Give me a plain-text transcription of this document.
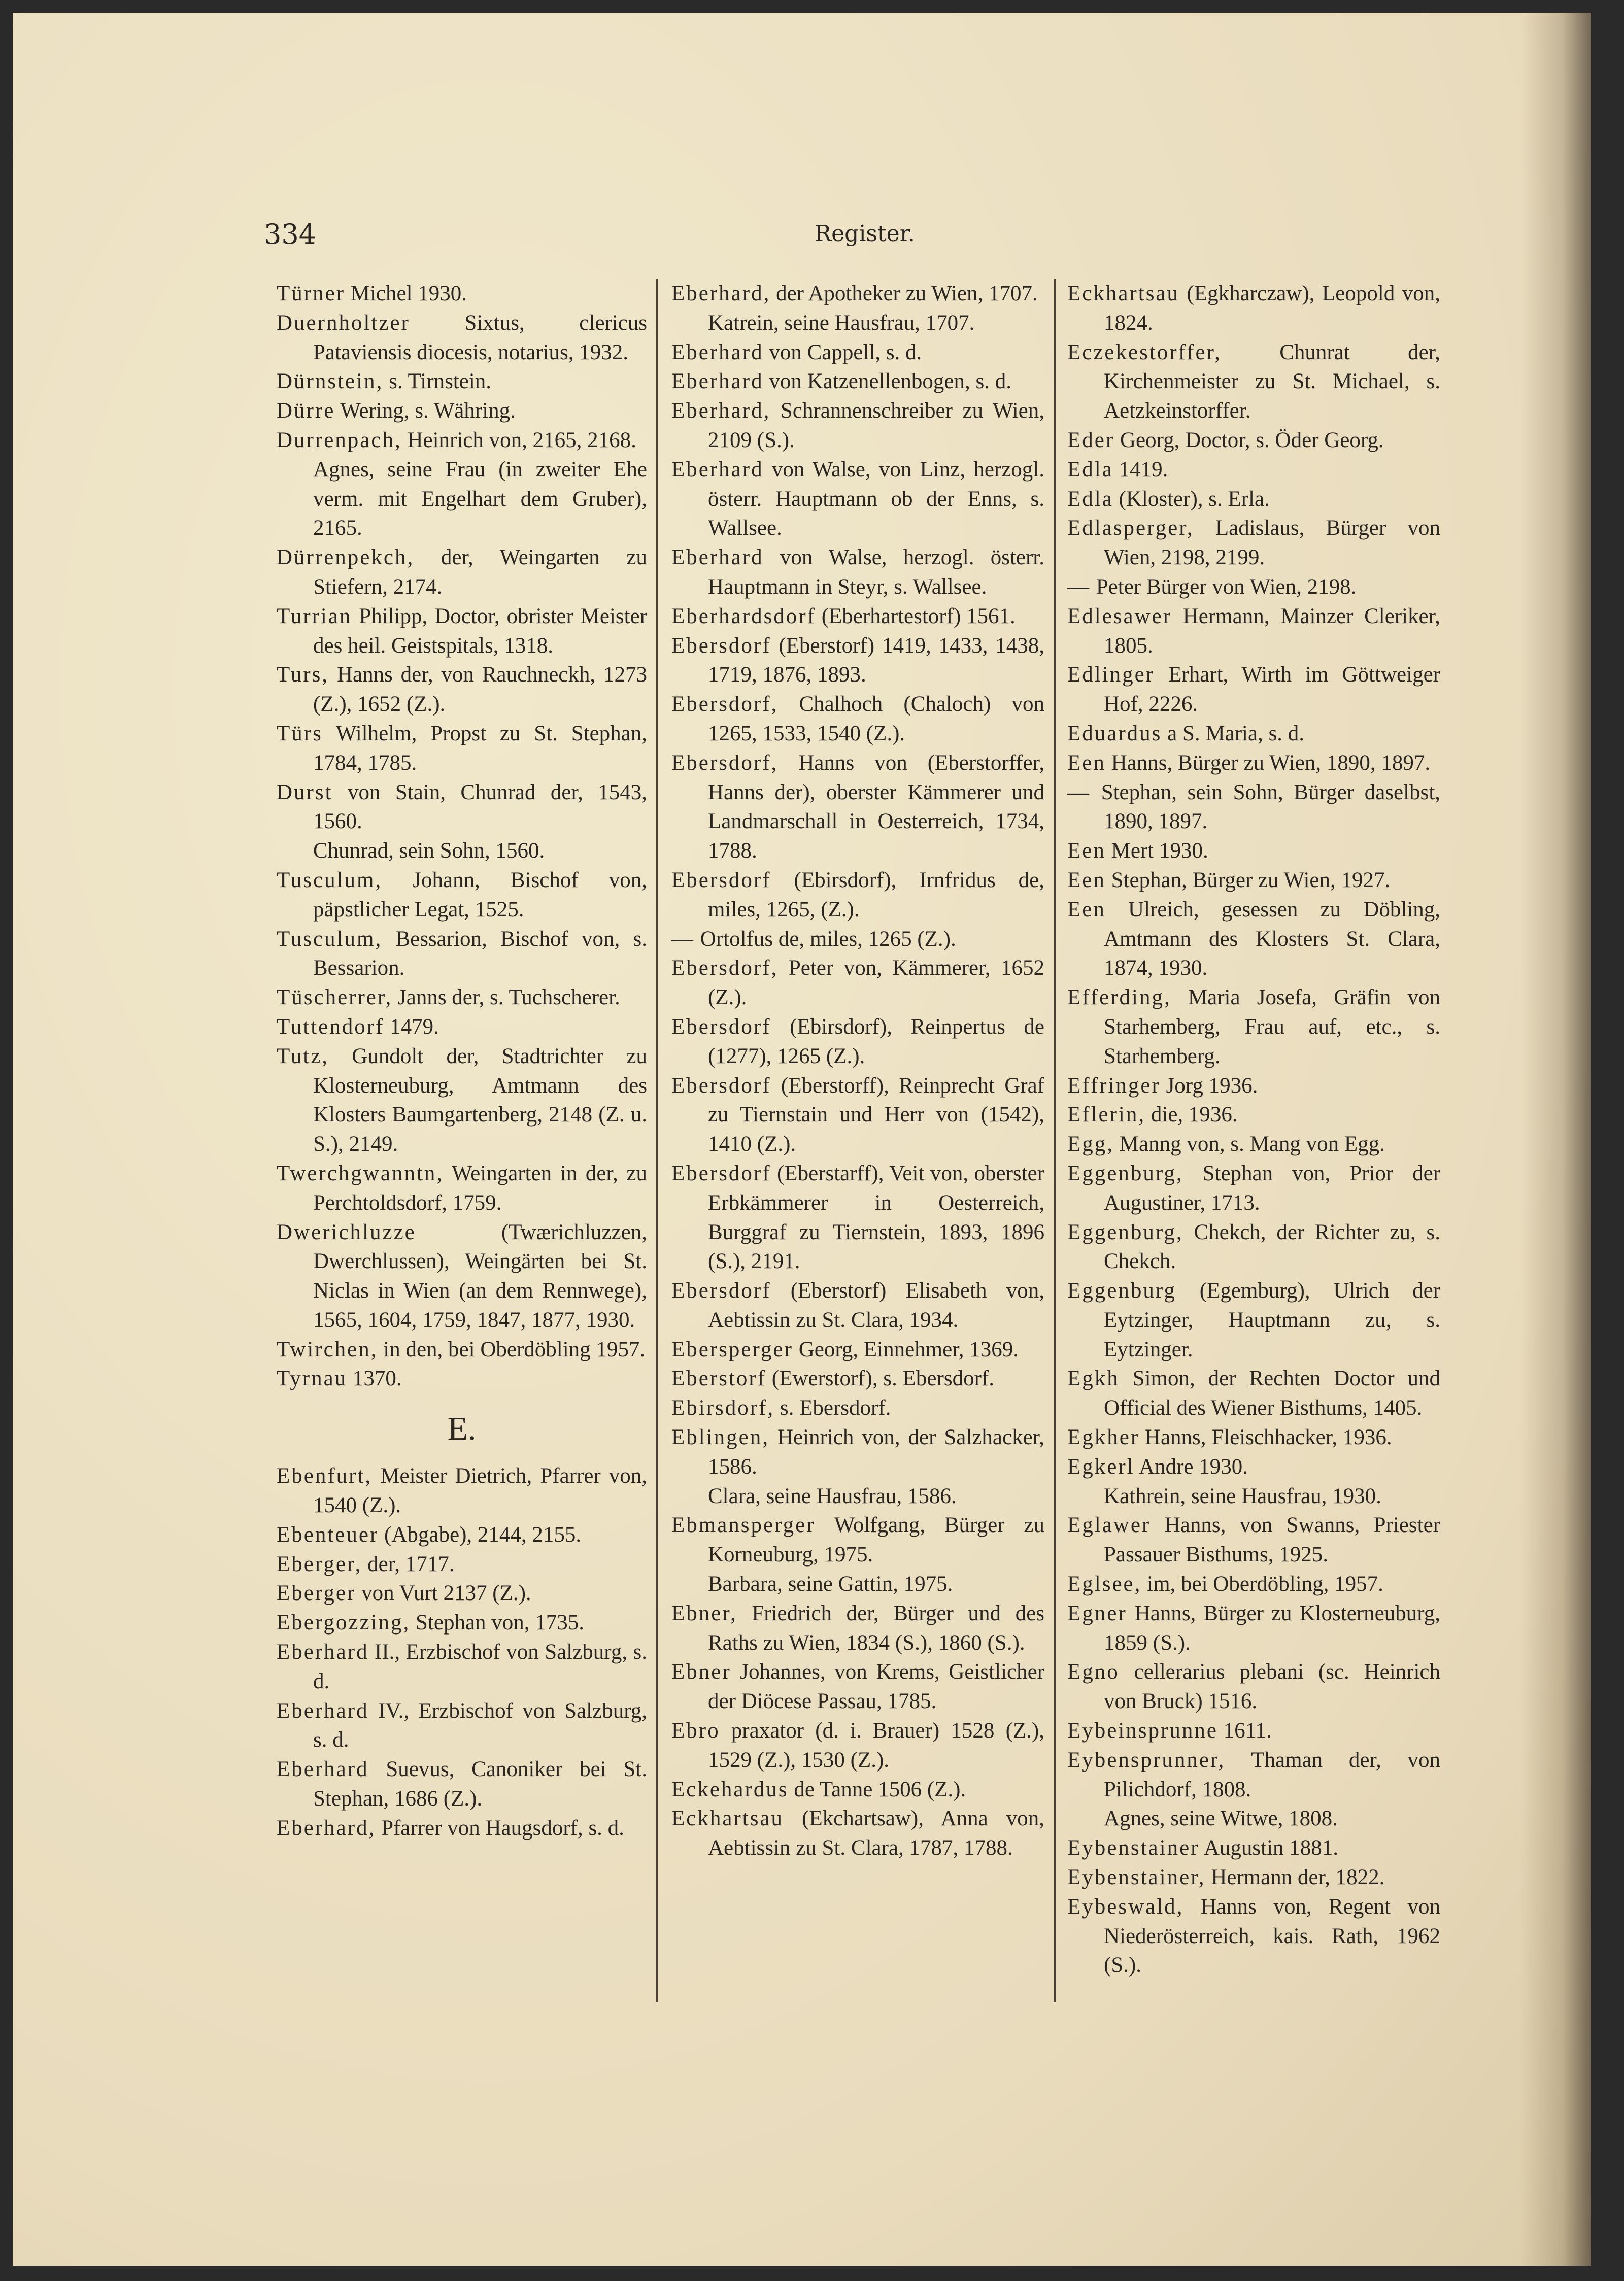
334	Register.
Türner Michel 1930.
Duernholtzer	Sixtus, clericus Pataviensis diocesis, notarius, 1932.
Dürnstein, s. Tirnstein.
Dürre Wering, s. Währing.
Durrenpach, Heinrich von, 2165, 2168.
Agnes, seine Frau (in zweiter Ehe verm. mit Engelhart dem Gruber), 2165.
Dürrenpekch, der, Weingarten zu Stiefern, 2174.
Turrian Philipp, Doctor, obrister Meister des heil. Geistspitals, 1318.
Turs, Hanns der, von Rauchneckh, 1273 (Z.), 1652 (Z.).
Türs Wilhelm, Propst zu St. Stephan, 1784, 1785.
Durst von Stain, Chunrad der, 1543, 1560.
Chunrad, sein Sohn, 1560.
Tusculum, Johann, Bischof von, päpstlicher Legat, 1525.
Tusculum, Bessarion, Bischof von, s. Bessarion.
Tüscherrer, Janns der, s. Tuchscherer.
Tuttendorf 1479.
Tutz, Gundolt der, Stadtrichter zu Klosterneuburg, Amtmann des Klosters Baumgartenberg, 2148 (Z. u. S.), 2149.
Twerchgwanntn, Weingarten in der, zu Perchtoldsdorf, 1759.
Dwerichluzze	(Twærichluzzen, Dwerchlussen), Weingärten bei St. Niclas in Wien (an dem Rennwege), 1565, 1604, 1759, 1847, 1877, 1930.
Twirchen, in den, bei Oberdöbling 1957.
Tyrnau 1370.
E.
Ebenfurt, Meister Dietrich, Pfarrer von, 1540 (Z.).
Ebenteuer (Abgabe), 2144, 2155.
Eberger, der, 1717.
Eberger von Vurt 2137 (Z.).
Ebergozzing, Stephan von, 1735.
Eberhard II., Erzbischof von Salzburg, s. d.
Eberhard IV., Erzbischof von Salzburg, s. d.
Eberhard Suevus, Canoniker bei St. Stephan, 1686 (Z.).
Eberhard, Pfarrer von Haugsdorf, s. d.
Eberhard, der Apotheker zu Wien, 1707.
Katrein, seine Hausfrau, 1707.
Eberhard von Cappell, s. d.
Eberhard von Katzenellenbogen, s. d.
Eberhard, Schrannenschreiber zu Wien, 2109 (S.).
Eberhard von Walse, von Linz, herzogl. österr. Hauptmann ob der Enns, s. Wallsee.
Eberhard von Walse, herzogl. österr. Hauptmann in Steyr, s. Wallsee.
Eberhardsdorf (Eberhartestorf) 1561.
Ebersdorf (Eberstorf) 1419, 1433, 1438, 1719, 1876, 1893.
Ebersdorf, Chalhoch (Chaloch) von 1265, 1533, 1540 (Z.).
Ebersdorf, Hanns von (Eberstorffer, Hanns der), oberster Kämmerer und Landmarschall in Oesterreich, 1734, 1788.
Ebersdorf (Ebirsdorf), Irnfridus de, miles, 1265, (Z.).
— Ortolfus de, miles, 1265 (Z.).
Ebersdorf, Peter von, Kämmerer, 1652 (Z.).
Ebersdorf (Ebirsdorf), Reinpertus de (1277), 1265 (Z.).
Ebersdorf (Eberstorff), Reinprecht Graf zu Tiernstain und Herr von (1542), 1410 (Z.).
Ebersdorf (Eberstarff), Veit von, oberster Erbkämmerer in Oesterreich, Burggraf zu Tiernstein, 1893, 1896 (S.), 2191.
Ebersdorf (Eberstorf) Elisabeth von, Aebtissin zu St. Clara, 1934.
Ebersperger Georg, Einnehmer, 1369.
Eberstorf (Ewerstorf), s. Ebersdorf.
Ebirsdorf, s. Ebersdorf.
Eblingen, Heinrich von, der Salzhacker, 1586.
Clara, seine Hausfrau, 1586.
Ebmansperger Wolfgang, Bürger zu Korneuburg, 1975.
Barbara, seine Gattin, 1975.
Ebner, Friedrich der, Bürger und des Raths zu Wien, 1834 (S.), 1860 (S.).
Ebner Johannes, von Krems, Geistlicher der Diöcese Passau, 1785.
Ebro praxator (d. i. Brauer) 1528 (Z.), 1529 (Z.), 1530 (Z.).
Eckehardus de Tanne 1506 (Z.).
Eckhartsau (Ekchartsaw), Anna von, Aebtissin zu St. Clara, 1787, 1788.
Eckhartsau (Egkharczaw), Leopold von, 1824.
Eczekestorffer,	Chunrat der, Kirchenmeister zu St. Michael, s. Aetzkeinstorffer.
Eder Georg, Doctor, s. Öder Georg.
Edla 1419.
Edla (Kloster), s. Erla.
Edlasperger, Ladislaus, Bürger von Wien, 2198, 2199.
— Peter Bürger von Wien, 2198.
Edlesawer Hermann, Mainzer Cleriker, 1805.
Edlinger Erhart, Wirth im Göttweiger Hof, 2226.
Eduardus a S. Maria, s. d.
Een Hanns, Bürger zu Wien, 1890, 1897.
— Stephan, sein Sohn, Bürger daselbst, 1890, 1897.
Een Mert 1930.
Een Stephan, Bürger zu Wien, 1927.
Een Ulreich, gesessen zu Döbling, Amtmann des Klosters St. Clara, 1874, 1930.
Efferding, Maria Josefa, Gräfin von Starhemberg, Frau auf, etc., s. Starhemberg.
Effringer Jorg 1936.
Eflerin, die, 1936.
Egg, Manng von, s. Mang von Egg.
Eggenburg, Stephan von, Prior der Augustiner, 1713.
Eggenburg, Chekch, der Richter zu, s. Chekch.
Eggenburg (Egemburg), Ulrich der Eytzinger, Hauptmann zu, s. Eytzinger.
Egkh Simon, der Rechten Doctor und Official des Wiener Bisthums, 1405.
Egkher Hanns, Fleischhacker, 1936.
Egkerl Andre 1930.
Kathrein, seine Hausfrau, 1930.
Eglawer Hanns, von Swanns, Priester Passauer Bisthums, 1925.
Eglsee, im, bei Oberdöbling, 1957.
Egner Hanns, Bürger zu Klosterneuburg, 1859 (S.).
Egno cellerarius plebani (sc. Heinrich von Bruck) 1516.
Eybeinsprunne 1611.
Eybensprunner, Thaman der, von Pilichdorf, 1808.
Agnes, seine Witwe, 1808.
Eybenstainer Augustin 1881.
Eybenstainer, Hermann der, 1822.
Eybeswald, Hanns von, Regent von Niederösterreich, kais. Rath, 1962 (S.).
